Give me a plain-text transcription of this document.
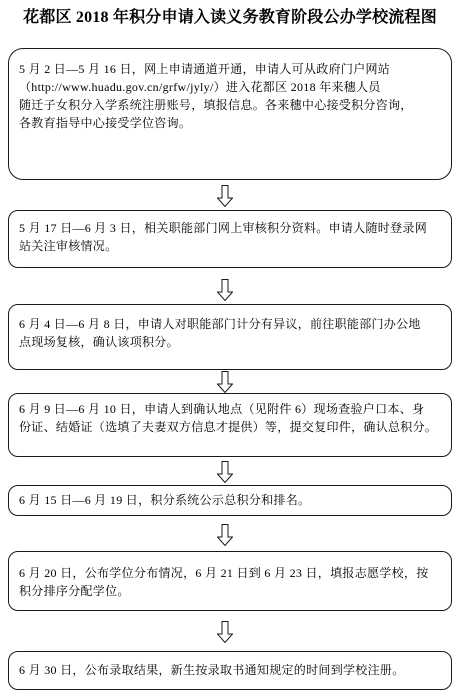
花都区 2018 年积分申请入读义务教育阶段公办学校流程图
5 月 2 日—5 月 16 日，网上申请通道开通，申请人可从政府门户网站
（http://www.huadu.gov.cn/grfw/jyly/）进入花都区 2018 年来穗人员
随迁子女积分入学系统注册账号，填报信息。各来穗中心接受积分咨询，
各教育指导中心接受学位咨询。
5 月 17 日—6 月 3 日，相关职能部门网上审核积分资料。申请人随时登录网
站关注审核情况。
6 月 4 日—6 月 8 日，申请人对职能部门计分有异议，前往职能部门办公地
点现场复核，确认该项积分。
6 月 9 日—6 月 10 日，申请人到确认地点（见附件 6）现场查验户口本、身
份证、结婚证（选填了夫妻双方信息才提供）等，提交复印件，确认总积分。
6 月 15 日—6 月 19 日，积分系统公示总积分和排名。
6 月 20 日，公布学位分布情况，6 月 21 日到 6 月 23 日，填报志愿学校，按
积分排序分配学位。
6 月 30 日，公布录取结果，新生按录取书通知规定的时间到学校注册。
